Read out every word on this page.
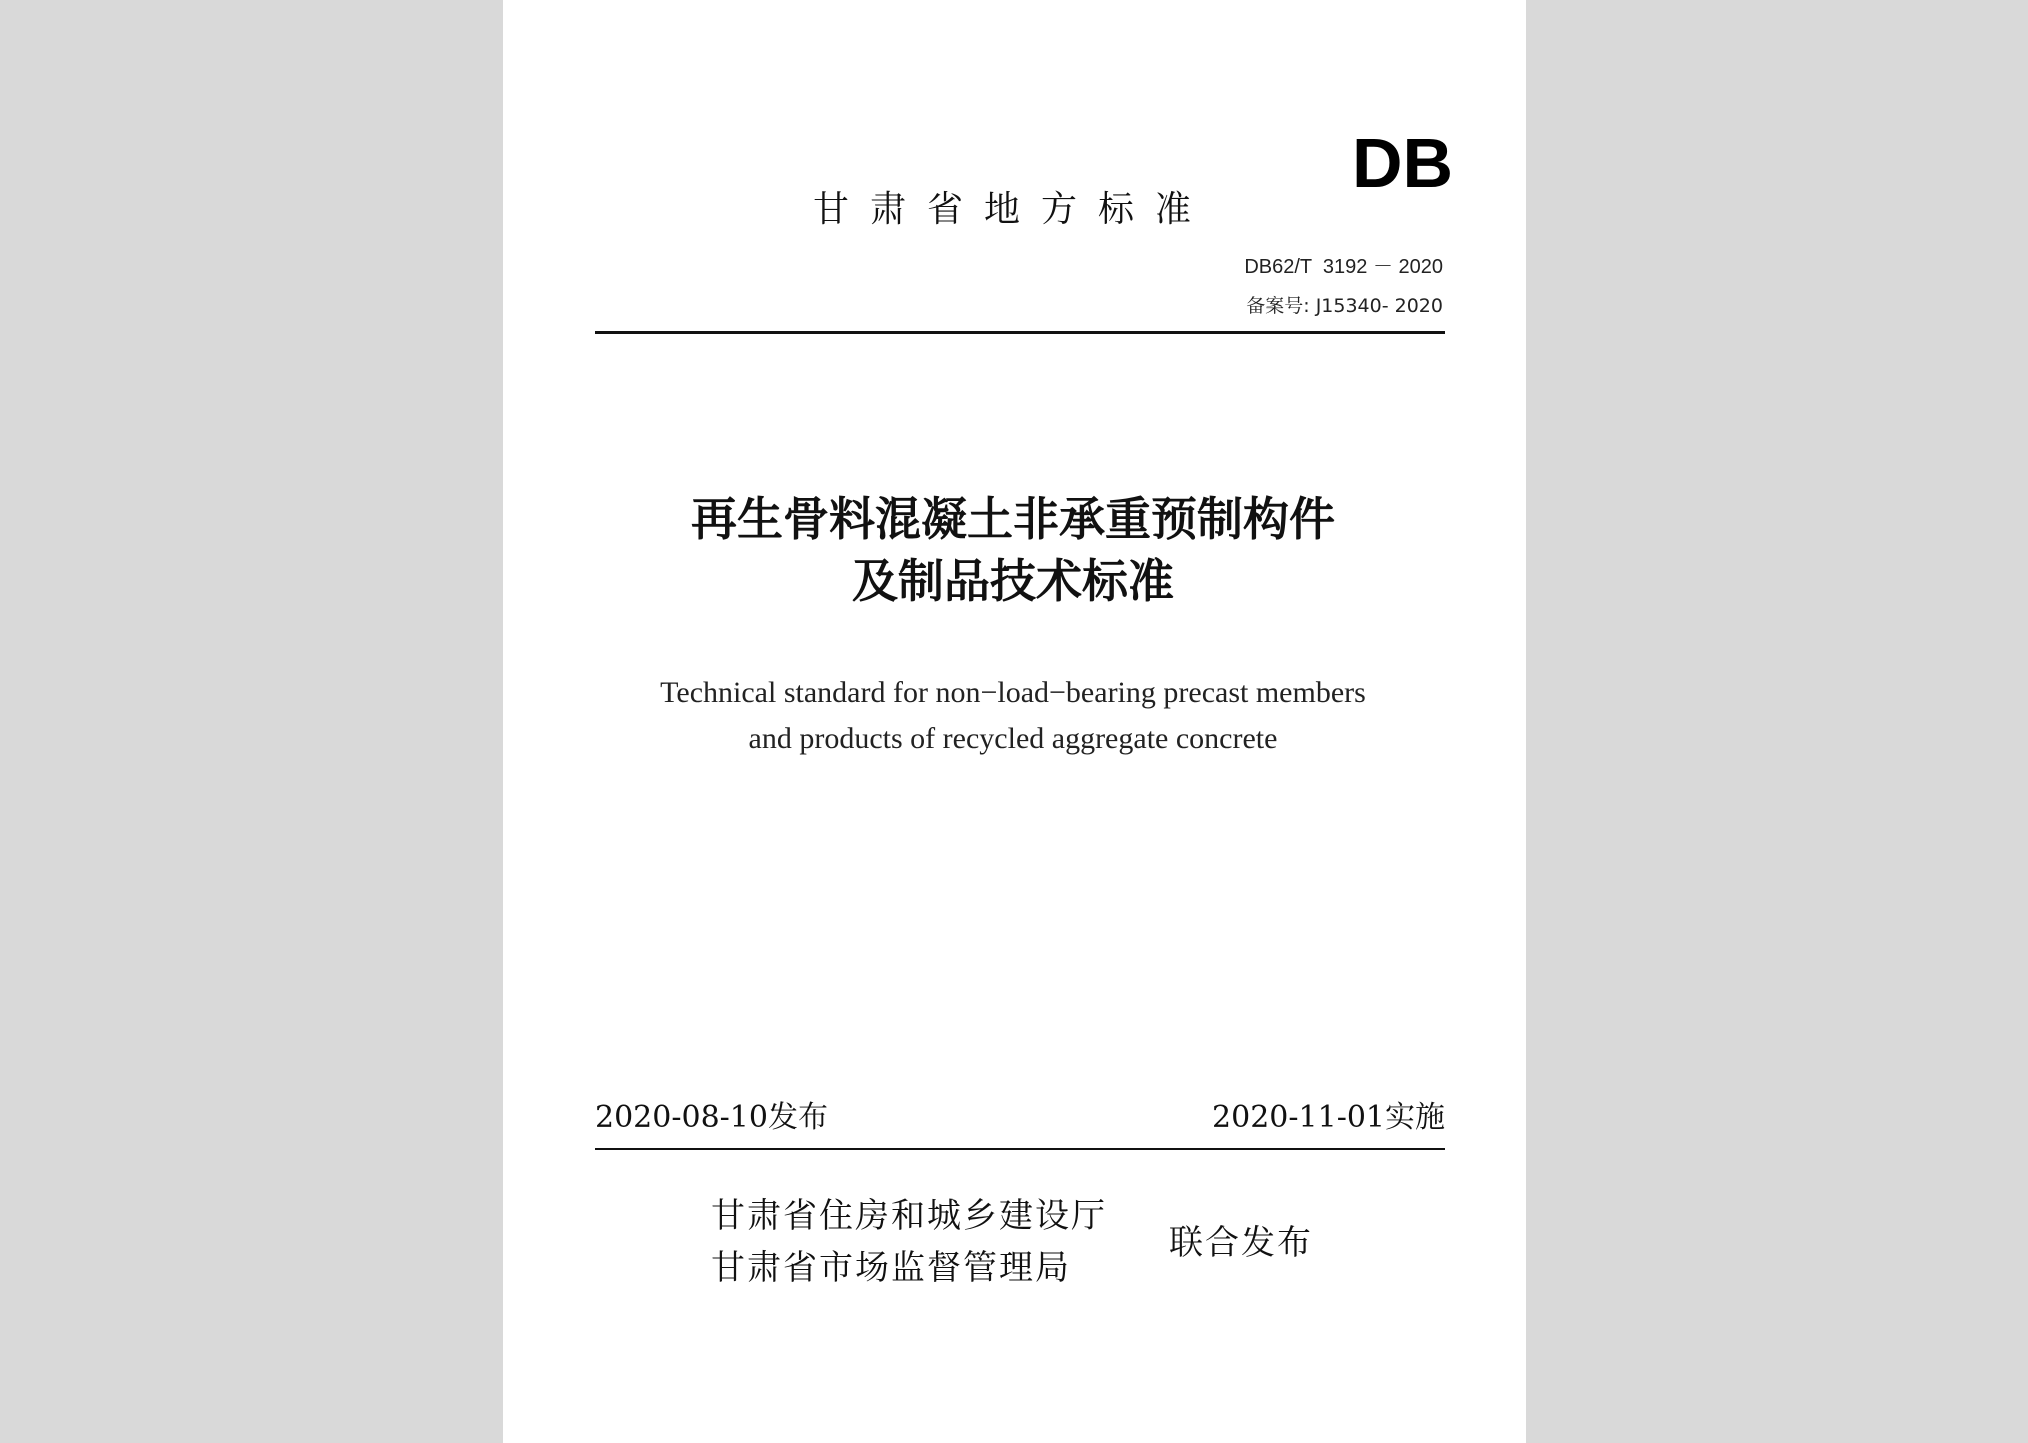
DB
甘肃省地方标准
DB62/T  3192 － 2020
备案号: J15340- 2020
再生骨料混凝土非承重预制构件
及制品技术标准
Technical standard for non−load−bearing precast members
and products of recycled aggregate concrete
2020-08-10发布	2020-11-01实施
甘肃省住房和城乡建设厅
甘肃省市场监督管理局
联合发布
